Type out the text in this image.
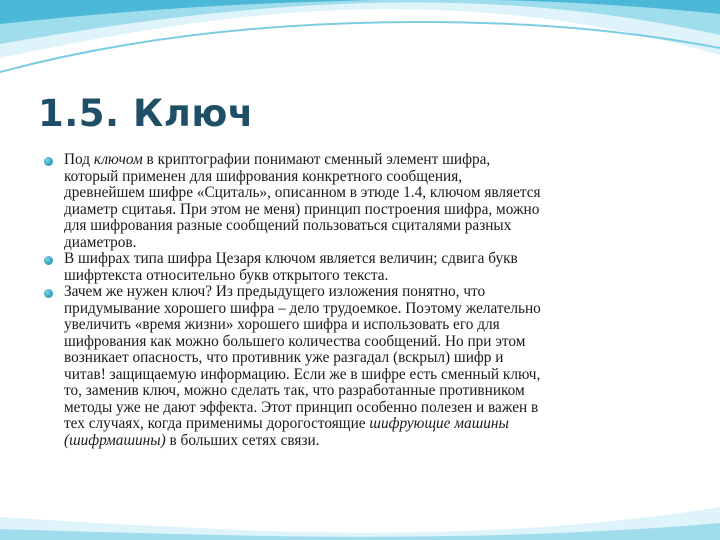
1.5. Ключ
Под ключом в криптографии понимают сменный элемент шифра,
который применен для шифрования конкретного сообщения,
древнейшем шифре «Сциталь», описанном в этюде 1.4, ключом является
диаметр сцитаья. При этом не меня) принцип построения шифра, можно
для шифрования разные сообщений пользоваться сциталями разных
диаметров.
В шифрах типа шифра Цезаря ключом является величин; сдвига букв
шифртекста относительно букв открытого текста.
Зачем же нужен ключ? Из предыдущего изложения понятно, что
придумывание хорошего шифра – дело трудоемкое. Поэтому желательно
увеличить «время жизни» хорошего шифра и использовать его для
шифрования как можно большего количества сообщений. Но при этом
возникает опасность, что противник уже разгадал (вскрыл) шифр и
читав! защищаемую информацию. Если же в шифре есть сменный ключ,
то, заменив ключ, можно сделать так, что разработанные противником
методы уже не дают эффекта. Этот принцип особенно полезен и важен в
тех случаях, когда применимы дорогостоящие шифрующие машины
(шифрмашины) в больших сетях связи.
